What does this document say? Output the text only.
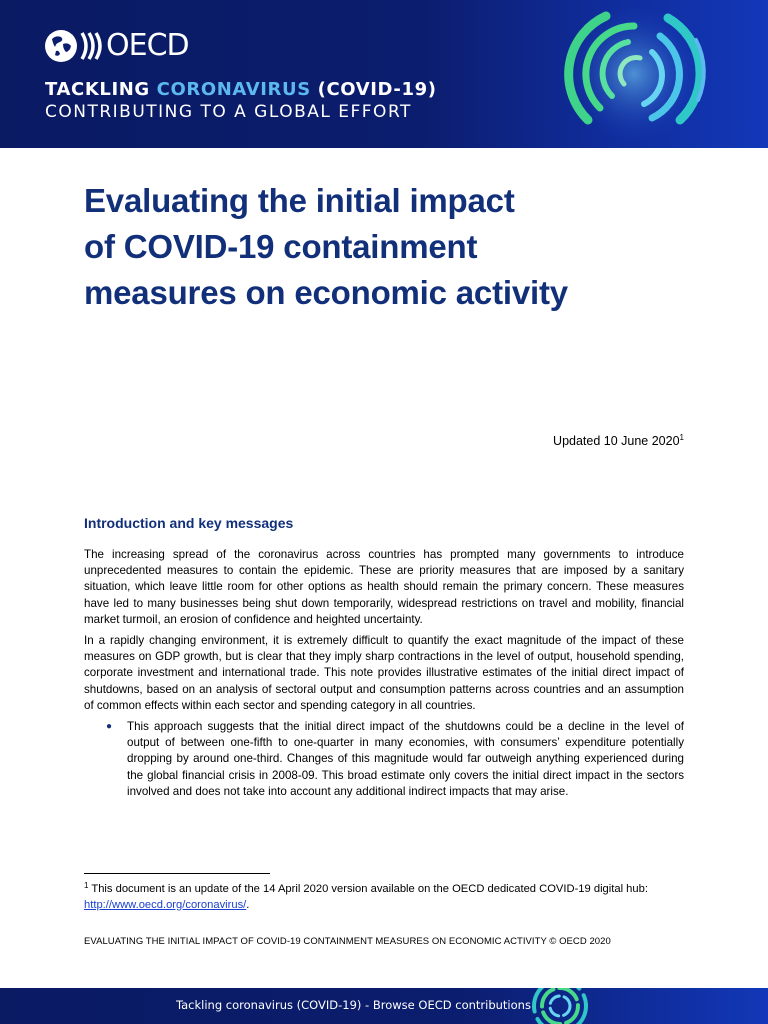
OECD
TACKLING CORONAVIRUS (COVID-19)
CONTRIBUTING TO A GLOBAL EFFORT
Evaluating the initial impact
of COVID-19 containment
measures on economic activity
Updated 10 June 2020$^1$
Introduction and key messages

The increasing spread of the coronavirus across countries has prompted many governments to introduce unprecedented measures to contain the epidemic. These are priority measures that are imposed by a sanitary situation, which leave little room for other options as health should remain the primary concern. These measures have led to many businesses being shut down temporarily, widespread restrictions on travel and mobility, financial market turmoil, an erosion of confidence and heighted uncertainty.

In a rapidly changing environment, it is extremely difficult to quantify the exact magnitude of the impact of these measures on GDP growth, but is clear that they imply sharp contractions in the level of output, household spending, corporate investment and international trade. This note provides illustrative estimates of the initial direct impact of shutdowns, based on an analysis of sectoral output and consumption patterns across countries and an assumption of common effects within each sector and spending category in all countries.

● This approach suggests that the initial direct impact of the shutdowns could be a decline in the level of output of between one-fifth to one-quarter in many economies, with consumers’ expenditure potentially dropping by around one-third. Changes of this magnitude would far outweigh anything experienced during the global financial crisis in 2008-09. This broad estimate only covers the initial direct impact in the sectors involved and does not take into account any additional indirect impacts that may arise.
$^1$ This document is an update of the 14 April 2020 version available on the OECD dedicated COVID-19 digital hub: http://www.oecd.org/coronavirus/.
EVALUATING THE INITIAL IMPACT OF COVID-19 CONTAINMENT MEASURES ON ECONOMIC ACTIVITY © OECD 2020
Tackling coronavirus (COVID-19) - Browse OECD contributions
